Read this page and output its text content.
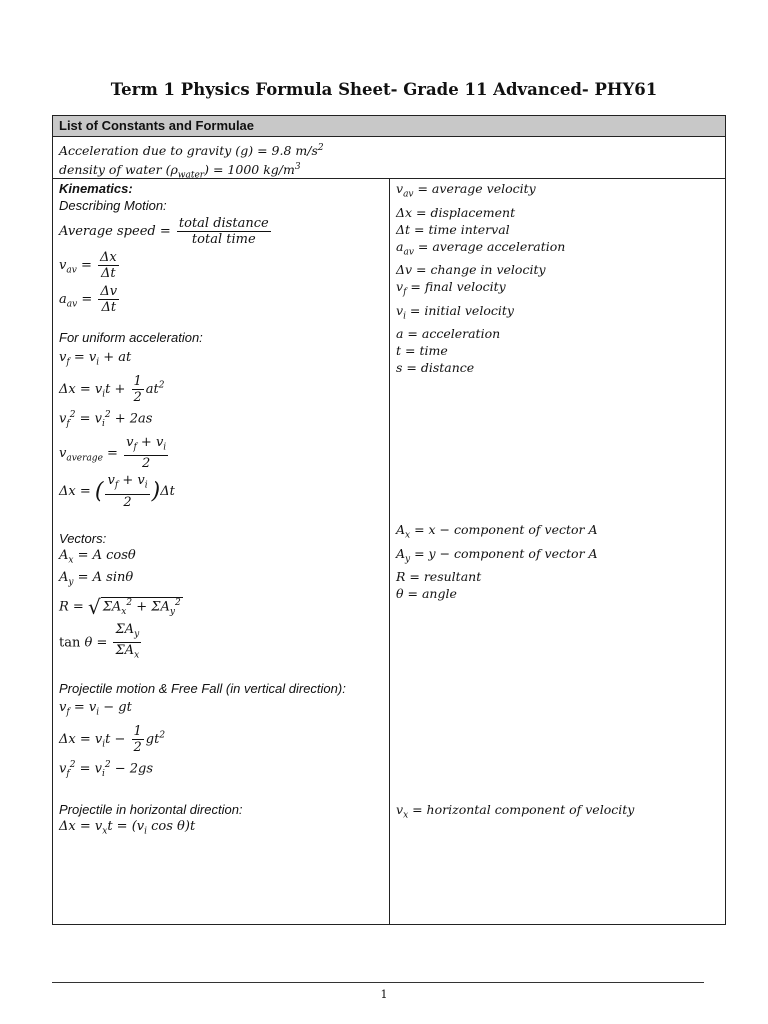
Term 1 Physics Formula Sheet- Grade 11 Advanced- PHY61
List of Constants and Formulae
Acceleration due to gravity (g) = 9.8 $m/s^2$
density of water $(\rho_{water}) = 1000$ $kg/m^3$
Kinematics:
Describing Motion:
Average speed = $\frac{\text{total distance}}{\text{total time}}$
$v_{av} = \frac{\Delta x}{\Delta t}$
$a_{av} = \frac{\Delta v}{\Delta t}$
For uniform acceleration:
$v_f = v_i$ + at
$\Delta x = v_it + \frac{1}{2} at^2$
$v_f^2 = v_i^2 + 2as$
$v_{average} = \frac{v_f + v_i}{2}$
Δx = ( $\frac{v_f + v_i}{2} )\Delta t$
Vectors:
$A_x = A$ cosθ
$A_y = A$ sinθ
R = √ $\Sigma A_x^2 + \Sigma A_y^2$
$\tan \theta = \frac{\Sigma A_y}{\Sigma A_x}$
Projectile motion & Free Fall (in vertical direction):
$v_f = v_i$ − gt
$\Delta x = v_it - \frac{1}{2} gt^2$
$v_f^2 = v_i^2 - 2gs$
Projectile in horizontal direction:
$\Delta x = v_xt = (v_i$ cos θ)t
$v_{av}$ = average velocity
Δx = displacement
Δt = time interval
$a_{av}$ = average acceleration
Δv = change in velocity
$v_f$ = final velocity
$v_i$ = initial velocity
a = acceleration
t = time
s = distance
$A_x = x$ − component of vector A
$A_y = y$ − component of vector A
R = resultant
θ = angle
$v_x$ = horizontal component of velocity
1
